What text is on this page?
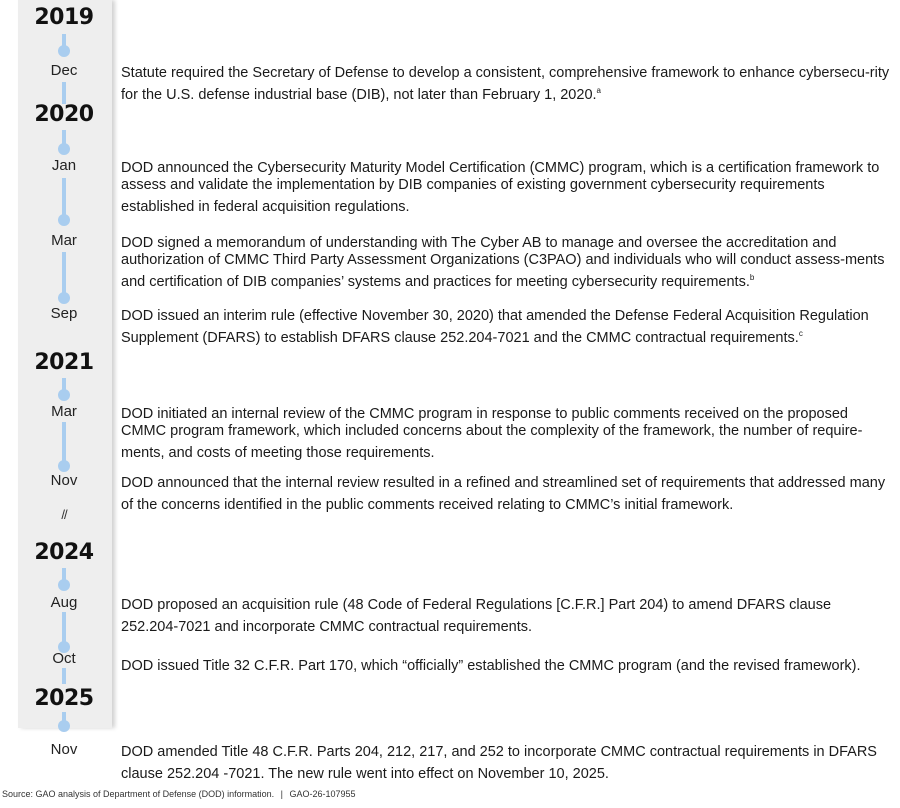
2019
2020
2021
2024
2025
Dec
Jan
Mar
Sep
Mar
Nov
//
Aug
Oct
Nov
Statute required the Secretary of Defense to develop a consistent, comprehensive framework to enhance cybersecu-rity for the U.S. defense industrial base (DIB), not later than February 1, 2020.$^a$
DOD announced the Cybersecurity Maturity Model Certification (CMMC) program, which is a certification framework to assess and validate the implementation by DIB companies of existing government cybersecurity requirements established in federal acquisition regulations.
DOD signed a memorandum of understanding with The Cyber AB to manage and oversee the accreditation and authorization of CMMC Third Party Assessment Organizations (C3PAO) and individuals who will conduct assess-ments and certification of DIB companies’ systems and practices for meeting cybersecurity requirements.$^b$
DOD issued an interim rule (effective November 30, 2020) that amended the Defense Federal Acquisition Regulation Supplement (DFARS) to establish DFARS clause 252.204-7021 and the CMMC contractual requirements.$^c$
DOD initiated an internal review of the CMMC program in response to public comments received on the proposed CMMC program framework, which included concerns about the complexity of the framework, the number of require-ments, and costs of meeting those requirements.
DOD announced that the internal review resulted in a refined and streamlined set of requirements that addressed many of the concerns identified in the public comments received relating to CMMC’s initial framework.
DOD proposed an acquisition rule (48 Code of Federal Regulations [C.F.R.] Part 204) to amend DFARS clause 252.204-7021 and incorporate CMMC contractual requirements.
DOD issued Title 32 C.F.R. Part 170, which “officially” established the CMMC program (and the revised framework).
DOD amended Title 48 C.F.R. Parts 204, 212, 217, and 252 to incorporate CMMC contractual requirements in DFARS clause 252.204 -7021. The new rule went into effect on November 10, 2025.
Source: GAO analysis of Department of Defense (DOD) information. | GAO-26-107955
